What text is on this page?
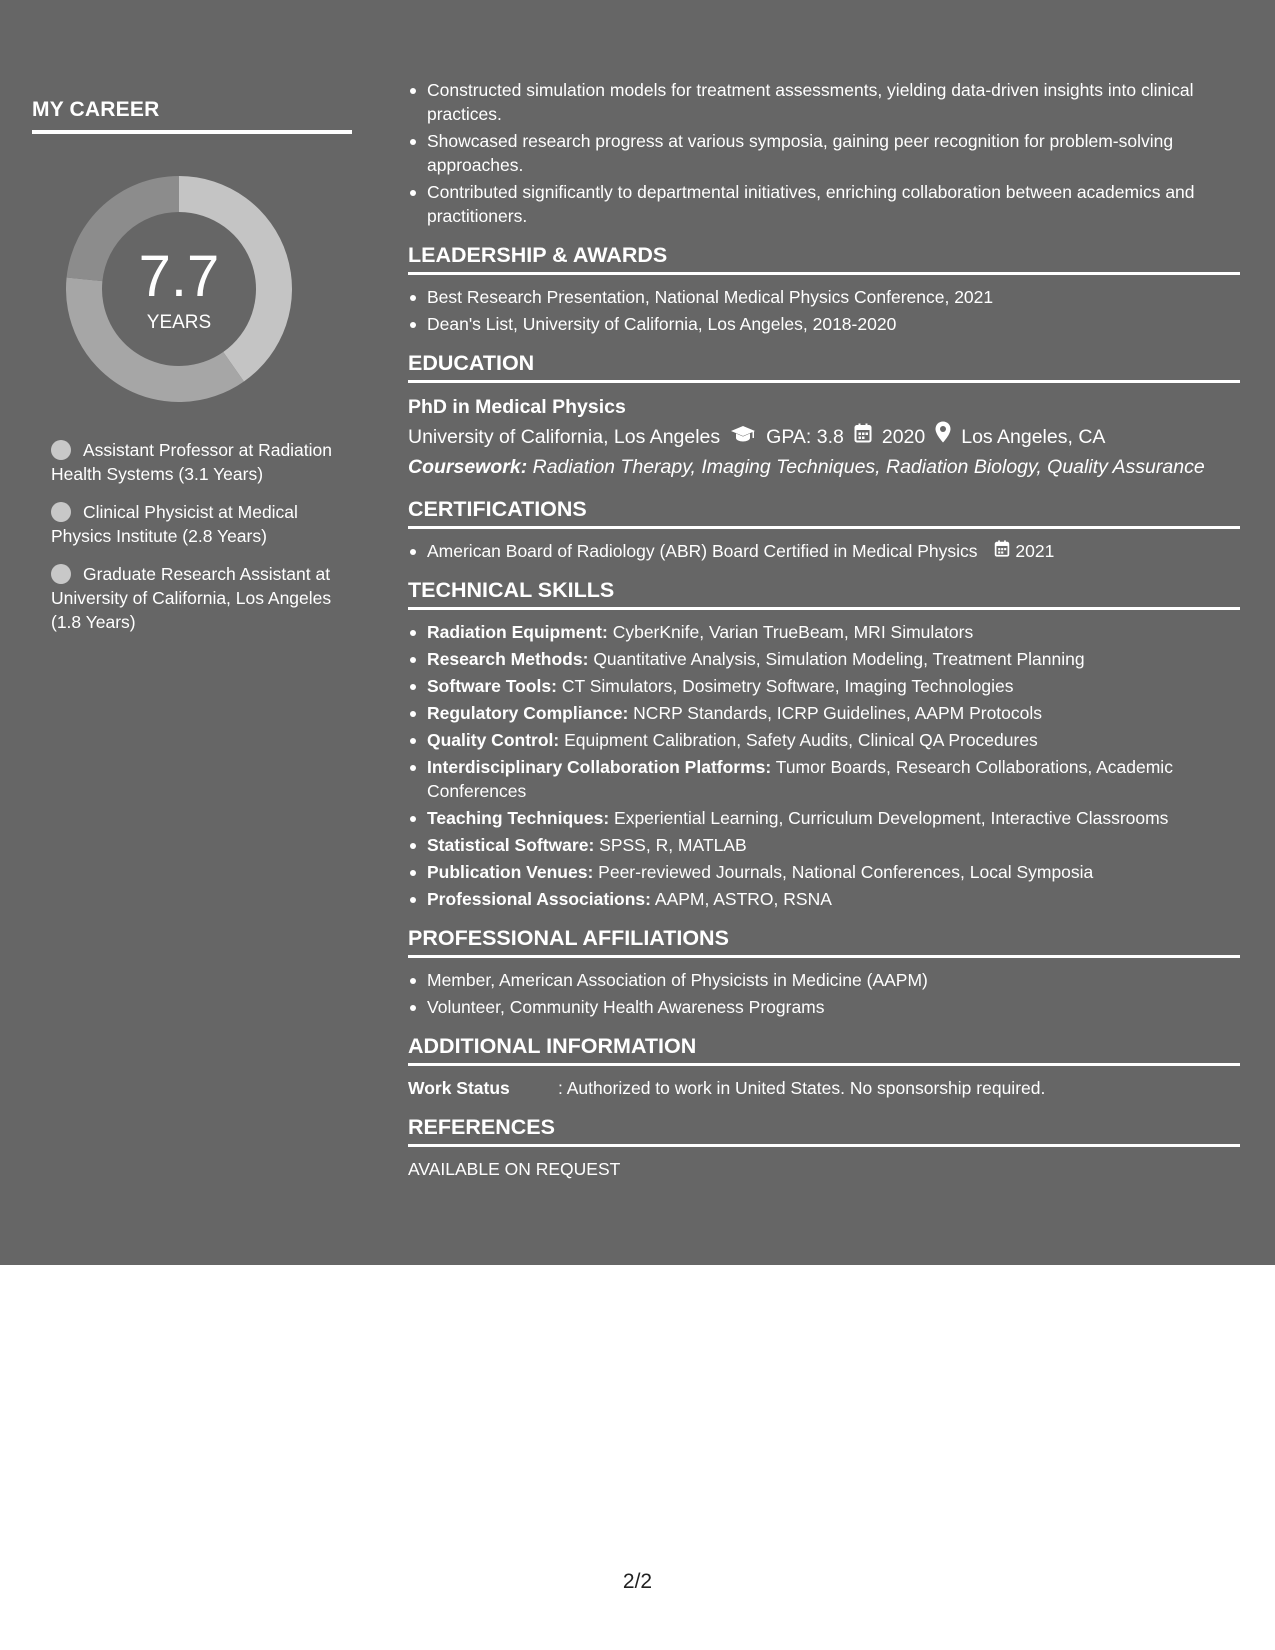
MY CAREER
7.7
YEARS
Assistant Professor at Radiation Health Systems (3.1 Years)
Clinical Physicist at Medical Physics Institute (2.8 Years)
Graduate Research Assistant at University of California, Los Angeles (1.8 Years)
Constructed simulation models for treatment assessments, yielding data-driven insights into clinical practices.
Showcased research progress at various symposia, gaining peer recognition for problem-solving approaches.
Contributed significantly to departmental initiatives, enriching collaboration between academics and practitioners.
LEADERSHIP & AWARDS
Best Research Presentation, National Medical Physics Conference, 2021
Dean's List, University of California, Los Angeles, 2018-2020
EDUCATION
PhD in Medical Physics
University of California, Los Angeles GPA: 3.8 2020 Los Angeles, CA
Coursework: Radiation Therapy, Imaging Techniques, Radiation Biology, Quality Assurance
CERTIFICATIONS
American Board of Radiology (ABR) Board Certified in Medical Physics 2021
TECHNICAL SKILLS
Radiation Equipment: CyberKnife, Varian TrueBeam, MRI Simulators
Research Methods: Quantitative Analysis, Simulation Modeling, Treatment Planning
Software Tools: CT Simulators, Dosimetry Software, Imaging Technologies
Regulatory Compliance: NCRP Standards, ICRP Guidelines, AAPM Protocols
Quality Control: Equipment Calibration, Safety Audits, Clinical QA Procedures
Interdisciplinary Collaboration Platforms: Tumor Boards, Research Collaborations, Academic Conferences
Teaching Techniques: Experiential Learning, Curriculum Development, Interactive Classrooms
Statistical Software: SPSS, R, MATLAB
Publication Venues: Peer-reviewed Journals, National Conferences, Local Symposia
Professional Associations: AAPM, ASTRO, RSNA
PROFESSIONAL AFFILIATIONS
Member, American Association of Physicists in Medicine (AAPM)
Volunteer, Community Health Awareness Programs
ADDITIONAL INFORMATION
Work Status	: Authorized to work in United States. No sponsorship required.
REFERENCES
AVAILABLE ON REQUEST
2/2
